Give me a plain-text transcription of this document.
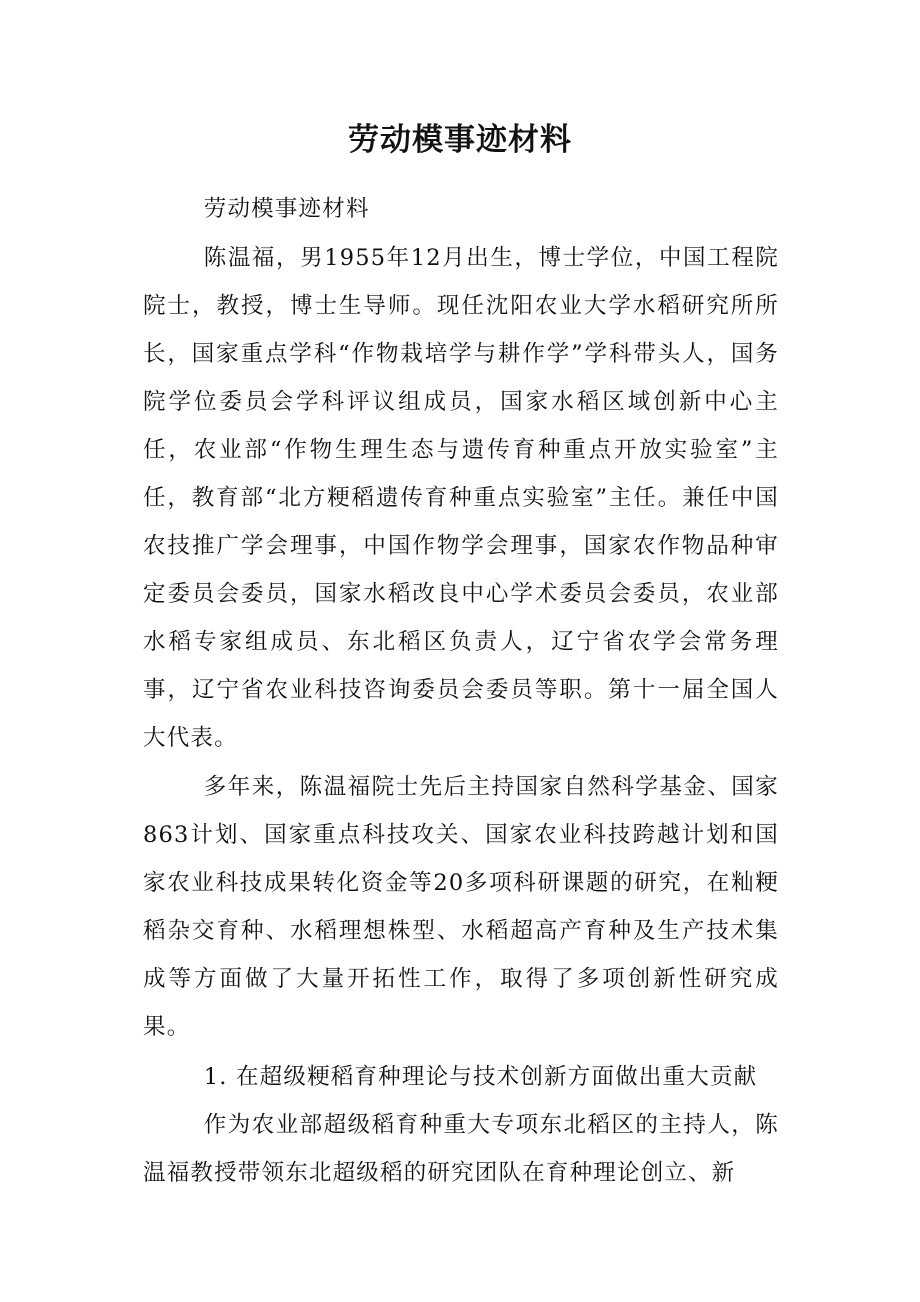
劳动模事迹材料

劳动模事迹材料

陈温福，男1955年12月出生，博士学位，中国工程院院士，教授，博士生导师。现任沈阳农业大学水稻研究所所长，国家重点学科“作物栽培学与耕作学”学科带头人，国务院学位委员会学科评议组成员，国家水稻区域创新中心主任，农业部“作物生理生态与遗传育种重点开放实验室”主任，教育部“北方粳稻遗传育种重点实验室”主任。兼任中国农技推广学会理事，中国作物学会理事，国家农作物品种审定委员会委员，国家水稻改良中心学术委员会委员，农业部水稻专家组成员、东北稻区负责人，辽宁省农学会常务理事，辽宁省农业科技咨询委员会委员等职。第十一届全国人大代表。

多年来，陈温福院士先后主持国家自然科学基金、国家863计划、国家重点科技攻关、国家农业科技跨越计划和国家农业科技成果转化资金等20多项科研课题的研究，在籼粳稻杂交育种、水稻理想株型、水稻超高产育种及生产技术集成等方面做了大量开拓性工作，取得了多项创新性研究成果。

1. 在超级粳稻育种理论与技术创新方面做出重大贡献

作为农业部超级稻育种重大专项东北稻区的主持人，陈温福教授带领东北超级稻的研究团队在育种理论创立、新
